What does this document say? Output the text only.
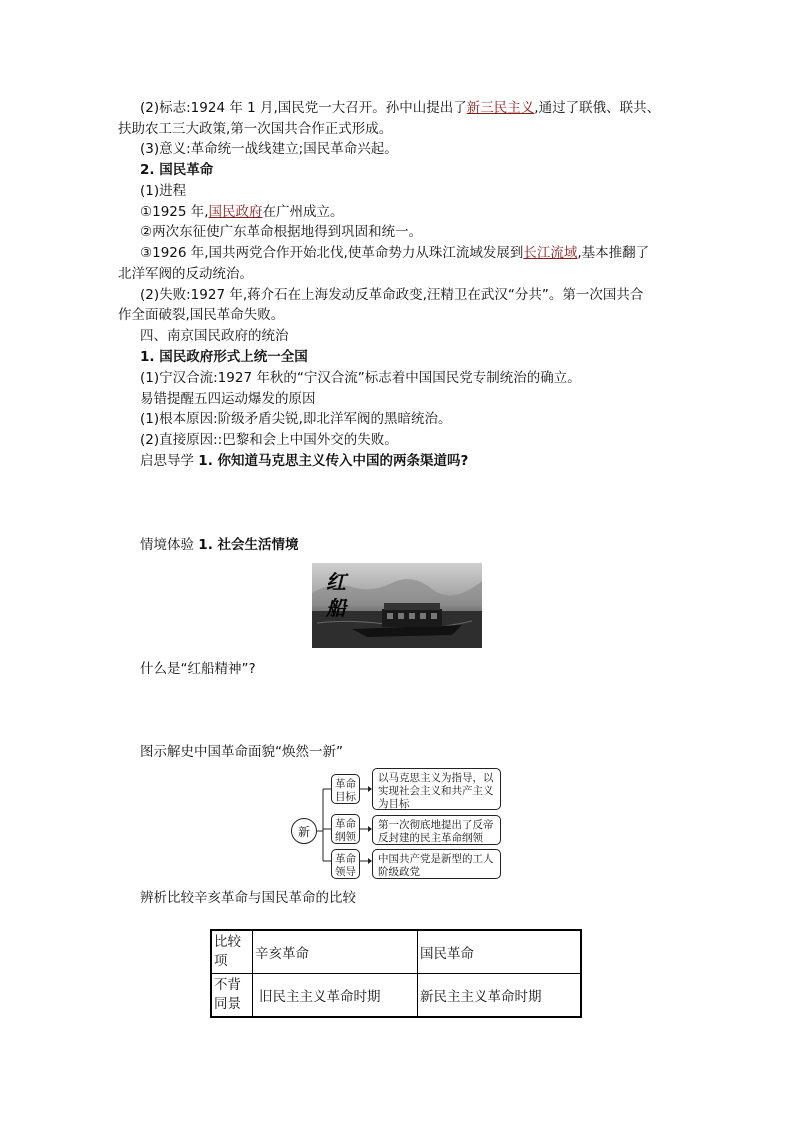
(2)标志:1924 年 1 月,国民党一大召开。孙中山提出了新三民主义,通过了联俄、联共、
扶助农工三大政策,第一次国共合作正式形成。
(3)意义:革命统一战线建立;国民革命兴起。
2. 国民革命
(1)进程
①1925 年,国民政府在广州成立。
②两次东征使广东革命根据地得到巩固和统一。
③1926 年,国共两党合作开始北伐,使革命势力从珠江流域发展到长江流域,基本推翻了
北洋军阀的反动统治。
(2)失败:1927 年,蒋介石在上海发动反革命政变,汪精卫在武汉“分共”。第一次国共合
作全面破裂,国民革命失败。
四、南京国民政府的统治
1. 国民政府形式上统一全国
(1)宁汉合流:1927 年秋的“宁汉合流”标志着中国国民党专制统治的确立。
易错提醒五四运动爆发的原因
(1)根本原因:阶级矛盾尖锐,即北洋军阀的黑暗统治。
(2)直接原因::巴黎和会上中国外交的失败。
启思导学 1. 你知道马克思主义传入中国的两条渠道吗?
情境体验 1. 社会生活情境
红船
什么是“红船精神”?
图示解史中国革命面貌“焕然一新”
新
革命目标
以马克思主义为指导，以实现社会主义和共产主义为目标
革命纲领
第一次彻底地提出了反帝反封建的民主革命纲领
革命领导
中国共产党是新型的工人阶级政党
辨析比较辛亥革命与国民革命的比较
比较项	辛亥革命	国民革命
不背同景	旧民主主义革命时期	新民主主义革命时期
